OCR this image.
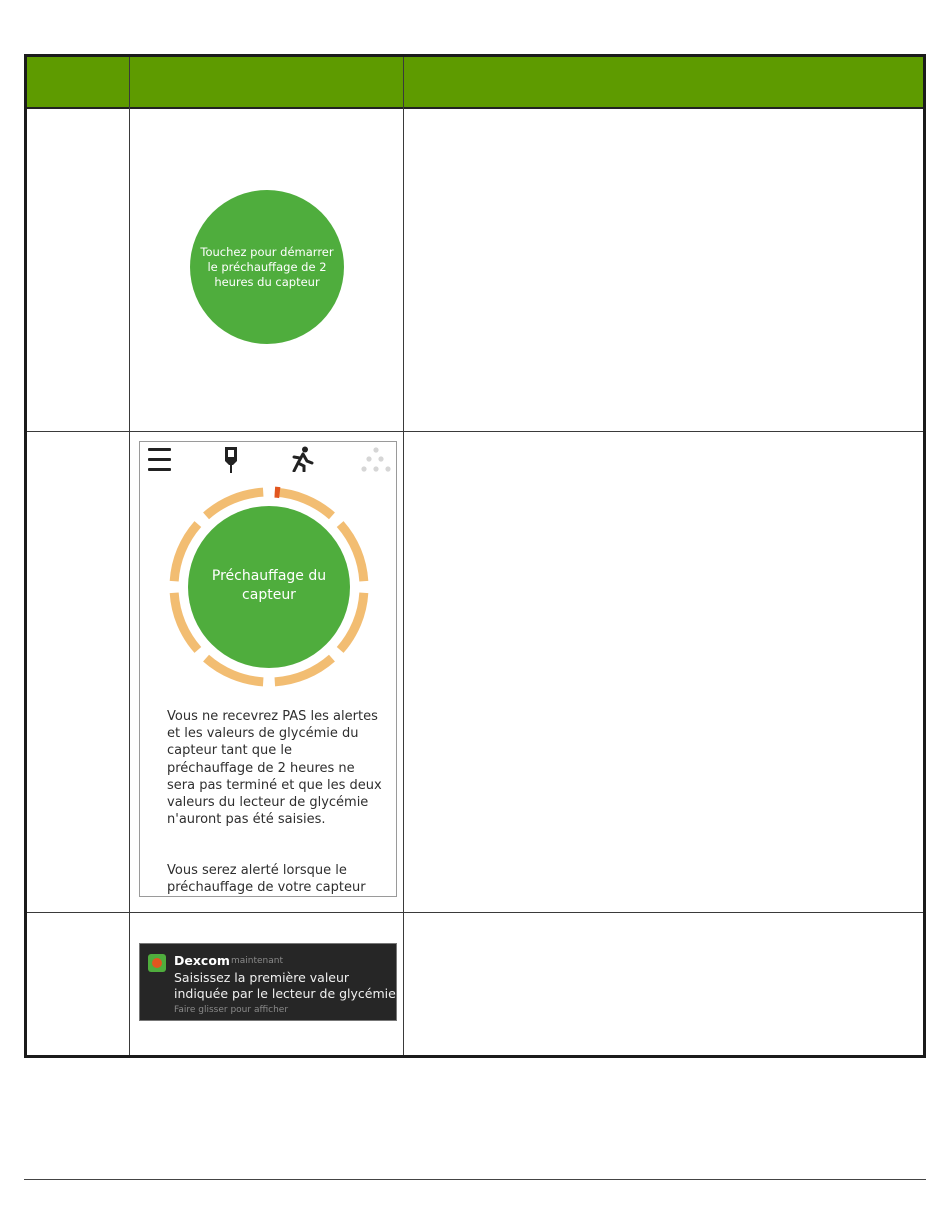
Touchez pour démarrer le préchauffage de 2 heures du capteur
Préchauffage du capteur

Vous ne recevrez PAS les alertes et les valeurs de glycémie du capteur tant que le préchauffage de 2 heures ne sera pas terminé et que les deux valeurs du lecteur de glycémie n'auront pas été saisies.

Vous serez alerté lorsque le préchauffage de votre capteur

Dexcom maintenant
Saisissez la première valeur indiquée par le lecteur de glycémie
Faire glisser pour afficher
